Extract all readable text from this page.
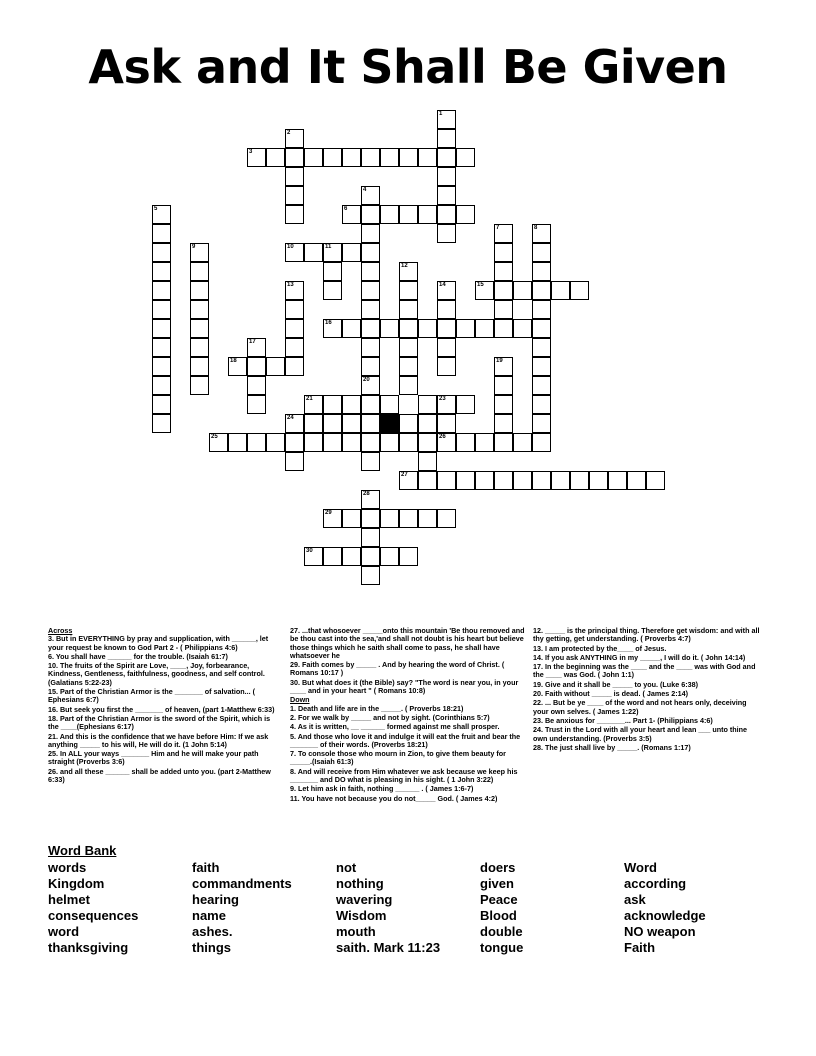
Ask and It Shall Be Given
1
2
3
4
6
5
7	8
9	10	11
12
13	14	15
16
17
18	19
20
21	23
26
24
25
27
28
29
30
Across

3. But in EVERYTHING by pray and supplication, with ______, let your request be known to God Part 2 - ( Philippians 4:6)

6. You shall have ______ for the trouble. (Isaiah 61:7)

10. The fruits of the Spirit are Love, ____, Joy, forbearance, Kindness, Gentleness, faithfulness, goodness, and self control. (Galatians 5:22-23)

15. Part of the Christian Armor is the _______ of salvation... ( Ephesians 6:7)

16. But seek you first the _______ of heaven, (part 1-Matthew 6:33)

18. Part of the Christian Armor is the sword of the Spirit, which is the ____(Ephesians 6:17)

21. And this is the confidence that we have before Him: If we ask anything _____ to his will, He will do it. (1 John 5:14)

25. In ALL your ways _______ Him and he will make your path straight (Proverbs 3:6)

26. and all these ______ shall be added unto you. (part 2-Matthew 6:33)

27. ...that whosoever _____onto this mountain 'Be thou removed and be thou cast into the sea,'and shall not doubt is his heart but believe those things which he saith shall come to pass, he shall have whatsoever he

29. Faith comes by _____ . And by hearing the word of Christ. ( Romans 10:17 )

30. But what does it (the Bible) say? "The word is near you, in your ____ and in your heart " ( Romans 10:8)

Down

1. Death and life are in the _____. ( Proverbs 18:21)

2. For we walk by _____ and not by sight. (Corinthians 5:7)

4. As it is written, __ ______ formed against me shall prosper.

5. And those who love it and indulge it will eat the fruit and bear the _______ of their words. (Proverbs 18:21)

7. To console those who mourn in Zion, to give them beauty for _____.(Isaiah 61:3)

8. And will receive from Him whatever we ask because we keep his _______ and DO what is pleasing in his sight. ( 1 John 3:22)

9. Let him ask in faith, nothing ______ . ( James 1:6-7)

11. You have not because you do not_____ God. ( James 4:2)

12. _____ is the principal thing. Therefore get wisdom: and with all thy getting, get understanding. ( Proverbs 4:7)

13. I am protected by the____ of Jesus.

14. If you ask ANYTHING in my _____, I will do it. ( John 14:14)

17. In the beginning was the ____ and the ____ was with God and the ____ was God. ( John 1:1)

19. Give and it shall be _____ to you. (Luke 6:38)

20. Faith without _____ is dead. ( James 2:14)

22. ... But be ye ____ of the word and not hears only, deceiving your own selves. ( James 1:22)

23. Be anxious for _______... Part 1- (Philippians 4:6)

24. Trust in the Lord with all your heart and lean ___ unto thine own understanding. (Proverbs 3:5)

28. The just shall live by _____. (Romans 1:17)

Word Bank
words
Kingdom
helmet
consequences
word
thanksgiving
faith
commandments
hearing
name
ashes.
things
not
nothing
wavering
Wisdom
mouth
saith. Mark 11:23
doers
given
Peace
Blood
double
tongue
Word
according
ask
acknowledge
NO weapon
Faith
